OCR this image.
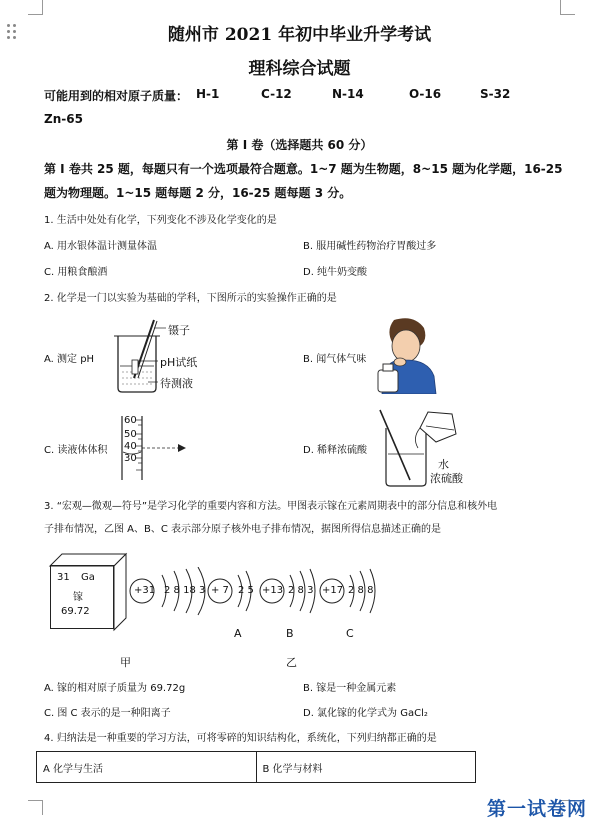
随州市 2021 年初中毕业升学考试
理科综合试题
可能用到的相对原子质量： H-1	C-12	N-14	O-16	S-32
Zn-65
第 I 卷（选择题共 60 分）
第 I 卷共 25 题，每题只有一个选项最符合题意。1~7 题为生物题，8~15 题为化学题，16-25 题为物理题。1~15 题每题 2 分，16-25 题每题 3 分。
1. 生活中处处有化学，下列变化不涉及化学变化的是
A. 用水银体温计测量体温	B. 服用碱性药物治疗胃酸过多
C. 用粮食酿酒	D. 纯牛奶变酸
2. 化学是一门以实验为基础的学科，下图所示的实验操作正确的是
镊子
pH试纸
待测液
A. 测定 pH	B. 闻气体气味
60
50
40
30
C. 读液体体积	D. 稀释浓硫酸
水
浓硫酸
3. “宏观—微观—符号”是学习化学的重要内容和方法。甲图表示镓在元素周期表中的部分信息和核外电
子排布情况，乙图 A、B、C 表示部分原子核外电子排布情况，据图所得信息描述正确的是
31 Ga
镓
69.72
+31 2 8 18 3 + 7 2 5
A
+13 2 8 3
B
+17 2 8 8
C
甲	乙
A. 镓的相对原子质量为 69.72g	B. 镓是一种金属元素
C. 图 C 表示的是一种阳离子	D. 氯化镓的化学式为 GaCl₂
4. 归纳法是一种重要的学习方法，可将零碎的知识结构化，系统化，下列归纳都正确的是
A 化学与生活	B 化学与材料
第一试卷网
